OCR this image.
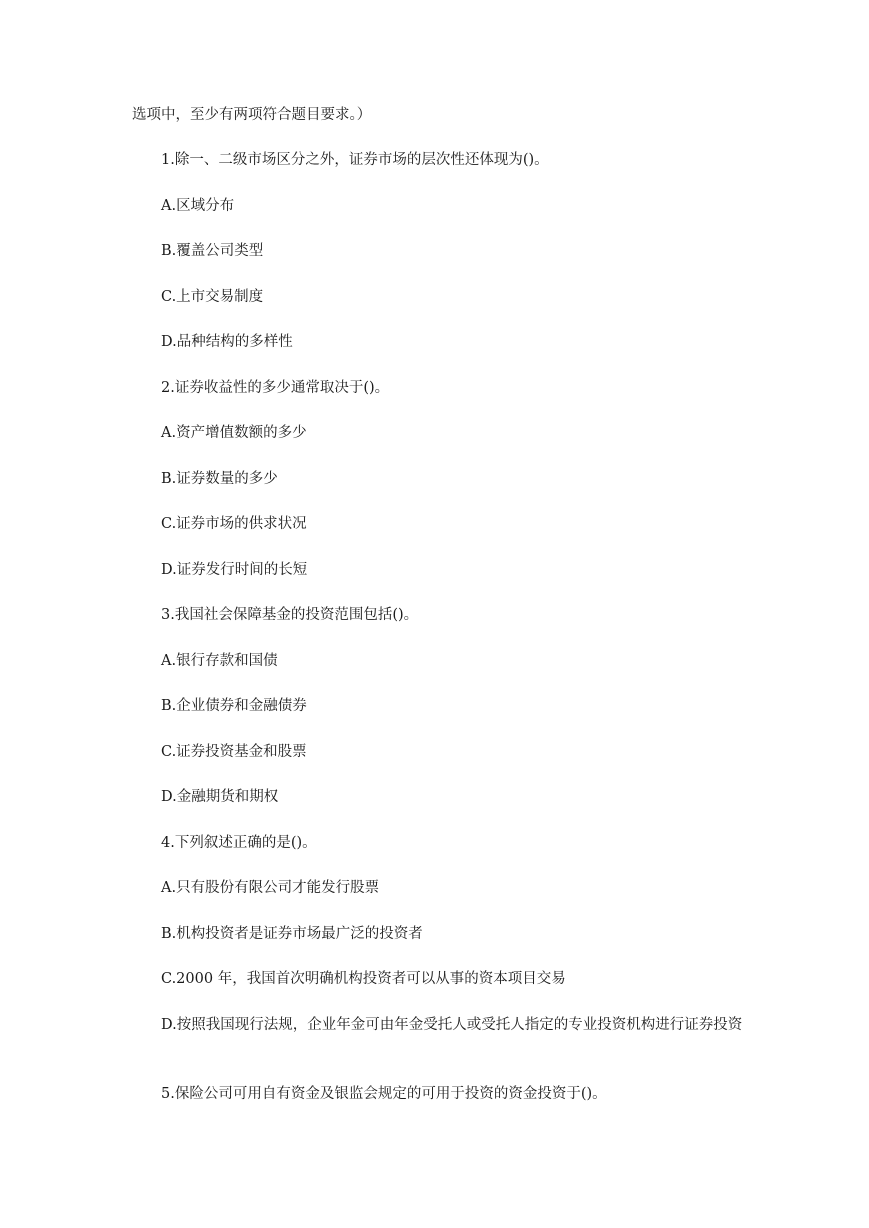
选项中，至少有两项符合题目要求。）
1.除一、二级市场区分之外，证券市场的层次性还体现为()。
A.区域分布
B.覆盖公司类型
C.上市交易制度
D.品种结构的多样性
2.证券收益性的多少通常取决于()。
A.资产增值数额的多少
B.证券数量的多少
C.证券市场的供求状况
D.证券发行时间的长短
3.我国社会保障基金的投资范围包括()。
A.银行存款和国债
B.企业债券和金融债券
C.证券投资基金和股票
D.金融期货和期权
4.下列叙述正确的是()。
A.只有股份有限公司才能发行股票
B.机构投资者是证券市场最广泛的投资者
C.2000 年，我国首次明确机构投资者可以从事的资本项目交易
D.按照我国现行法规，企业年金可由年金受托人或受托人指定的专业投资机构进行证券投资
5.保险公司可用自有资金及银监会规定的可用于投资的资金投资于()。
